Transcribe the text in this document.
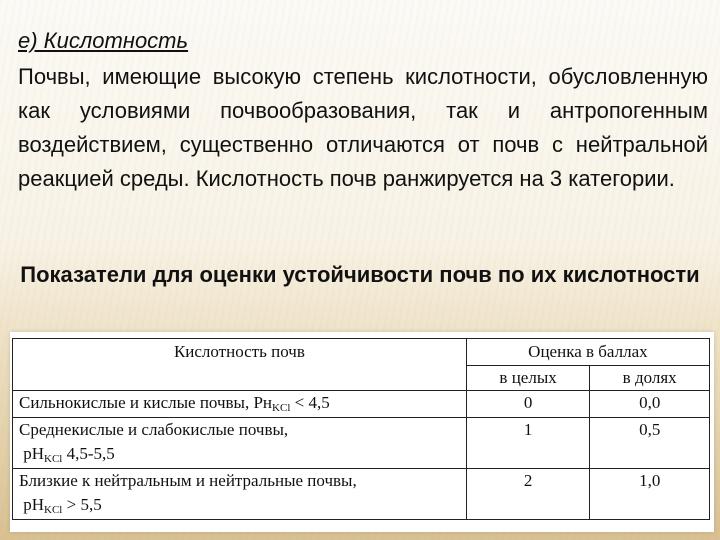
е) Кислотность
Почвы, имеющие высокую степень кислотности, обусловленную как условиями почвообразования, так и антропогенным воздействием, существенно отличаются от почв с нейтральной реакцией среды. Кислотность почв ранжируется на 3 категории.
Показатели для оценки устойчивости почв по их кислотности
Кислотность почв	Оценка в баллах	
	в целых	в долях
Сильнокислые и кислые почвы, РнKCl < 4,5	0	0,0
Среднекислые и слабокислые почвы,
pHKCl 4,5-5,5	1	0,5
Близкие к нейтральным и нейтральные почвы,
pHKCl > 5,5	2	1,0
